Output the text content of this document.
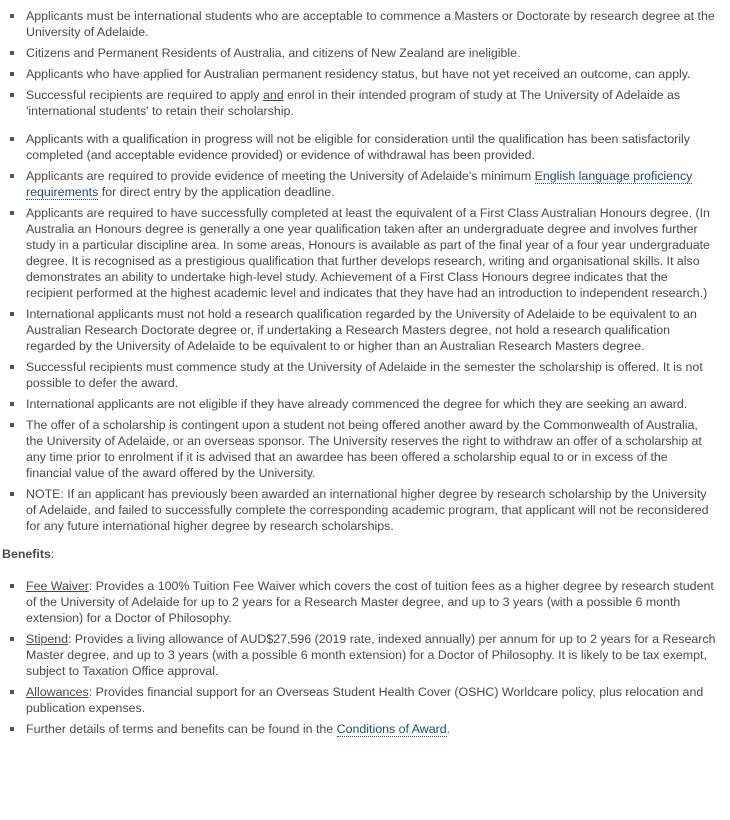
Applicants must be international students who are acceptable to commence a Masters or Doctorate by research degree at the University of Adelaide.
Citizens and Permanent Residents of Australia, and citizens of New Zealand are ineligible.
Applicants who have applied for Australian permanent residency status, but have not yet received an outcome, can apply.
Successful recipients are required to apply and enrol in their intended program of study at The University of Adelaide as 'international students' to retain their scholarship.
Applicants with a qualification in progress will not be eligible for consideration until the qualification has been satisfactorily completed (and acceptable evidence provided) or evidence of withdrawal has been provided.
Applicants are required to provide evidence of meeting the University of Adelaide's minimum English language proficiency requirements for direct entry by the application deadline.
Applicants are required to have successfully completed at least the equivalent of a First Class Australian Honours degree. (In Australia an Honours degree is generally a one year qualification taken after an undergraduate degree and involves further study in a particular discipline area. In some areas, Honours is available as part of the final year of a four year undergraduate degree. It is recognised as a prestigious qualification that further develops research, writing and organisational skills. It also demonstrates an ability to undertake high-level study. Achievement of a First Class Honours degree indicates that the recipient performed at the highest academic level and indicates that they have had an introduction to independent research.)
International applicants must not hold a research qualification regarded by the University of Adelaide to be equivalent to an Australian Research Doctorate degree or, if undertaking a Research Masters degree, not hold a research qualification regarded by the University of Adelaide to be equivalent to or higher than an Australian Research Masters degree.
Successful recipients must commence study at the University of Adelaide in the semester the scholarship is offered. It is not possible to defer the award.
International applicants are not eligible if they have already commenced the degree for which they are seeking an award.
The offer of a scholarship is contingent upon a student not being offered another award by the Commonwealth of Australia, the University of Adelaide, or an overseas sponsor. The University reserves the right to withdraw an offer of a scholarship at any time prior to enrolment if it is advised that an awardee has been offered a scholarship equal to or in excess of the financial value of the award offered by the University.
NOTE: If an applicant has previously been awarded an international higher degree by research scholarship by the University of Adelaide, and failed to successfully complete the corresponding academic program, that applicant will not be reconsidered for any future international higher degree by research scholarships.
Benefits:
Fee Waiver: Provides a 100% Tuition Fee Waiver which covers the cost of tuition fees as a higher degree by research student of the University of Adelaide for up to 2 years for a Research Master degree, and up to 3 years (with a possible 6 month extension) for a Doctor of Philosophy.
Stipend: Provides a living allowance of AUD$27,596 (2019 rate, indexed annually) per annum for up to 2 years for a Research Master degree, and up to 3 years (with a possible 6 month extension) for a Doctor of Philosophy. It is likely to be tax exempt, subject to Taxation Office approval.
Allowances: Provides financial support for an Overseas Student Health Cover (OSHC) Worldcare policy, plus relocation and publication expenses.
Further details of terms and benefits can be found in the Conditions of Award.
